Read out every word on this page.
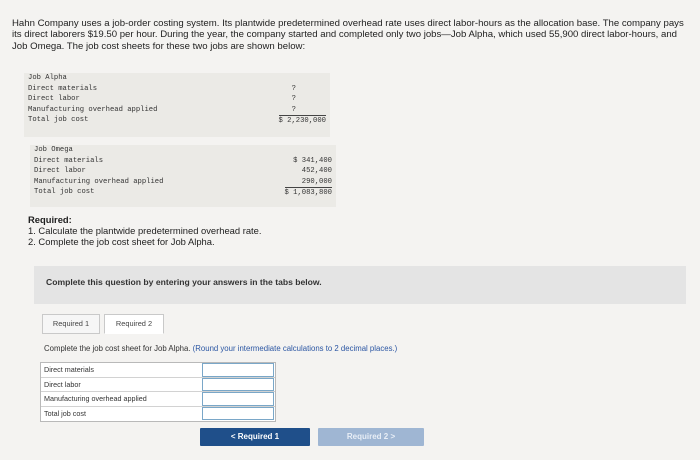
Hahn Company uses a job-order costing system. Its plantwide predetermined overhead rate uses direct labor-hours as the allocation base. The company pays its direct laborers $19.50 per hour. During the year, the company started and completed only two jobs—Job Alpha, which used 55,900 direct labor-hours, and Job Omega. The job cost sheets for these two jobs are shown below:

Job Alpha
Direct materials	?
Direct labor	?
Manufacturing overhead applied	?
Total job cost	$ 2,230,000
Job Omega
Direct materials	$ 341,400
Direct labor	452,400
Manufacturing overhead applied	290,000
Total job cost	$ 1,083,800
Required:
1. Calculate the plantwide predetermined overhead rate.
2. Complete the job cost sheet for Job Alpha.
Complete this question by entering your answers in the tabs below.
Required 1	Required 2
Complete the job cost sheet for Job Alpha. (Round your intermediate calculations to 2 decimal places.)
Direct materials
Direct labor
Manufacturing overhead applied
Total job cost
< Required 1	Required 2 >
